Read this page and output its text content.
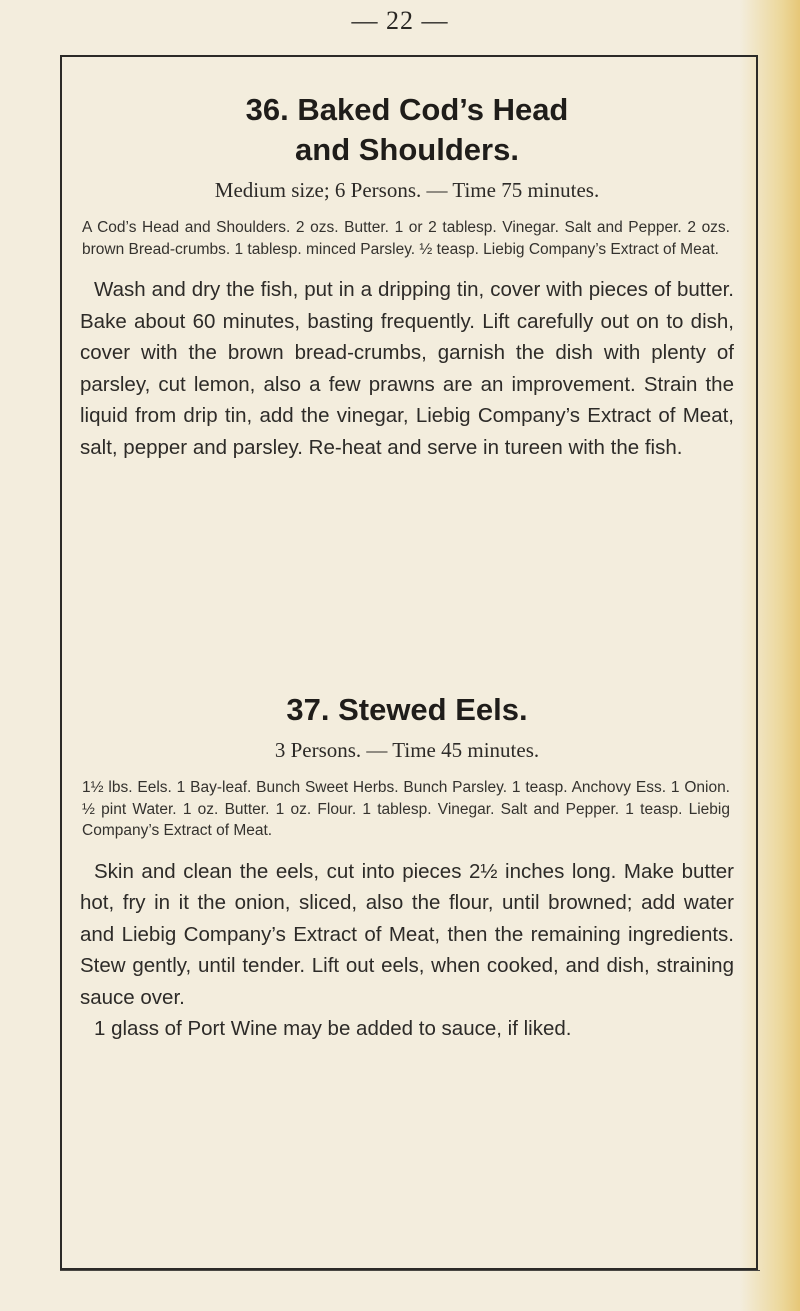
— 22 —
36. Baked Cod’s Head
and Shoulders.
Medium size; 6 Persons. — Time 75 minutes.

A Cod’s Head and Shoulders. 2 ozs. Butter. 1 or 2 tablesp. Vinegar. Salt and Pepper. 2 ozs. brown Bread-crumbs. 1 tablesp. minced Parsley. ½ teasp. Liebig Company’s Extract of Meat.

Wash and dry the fish, put in a dripping tin, cover with pieces of butter. Bake about 60 minutes, basting frequently. Lift carefully out on to dish, cover with the brown bread-crumbs, garnish the dish with plenty of parsley, cut lemon, also a few prawns are an improvement. Strain the liquid from drip tin, add the vinegar, Liebig Company’s Extract of Meat, salt, pepper and parsley. Re-heat and serve in tureen with the fish.

37. Stewed Eels.
3 Persons. — Time 45 minutes.

1½ lbs. Eels. 1 Bay-leaf. Bunch Sweet Herbs. Bunch Parsley. 1 teasp. Anchovy Ess. 1 Onion. ½ pint Water. 1 oz. Butter. 1 oz. Flour. 1 tablesp. Vinegar. Salt and Pepper. 1 teasp. Liebig Company’s Extract of Meat.

Skin and clean the eels, cut into pieces 2½ inches long. Make butter hot, fry in it the onion, sliced, also the flour, until browned; add water and Liebig Company’s Extract of Meat, then the remaining ingredients. Stew gently, until tender. Lift out eels, when cooked, and dish, straining sauce over.

1 glass of Port Wine may be added to sauce, if liked.
